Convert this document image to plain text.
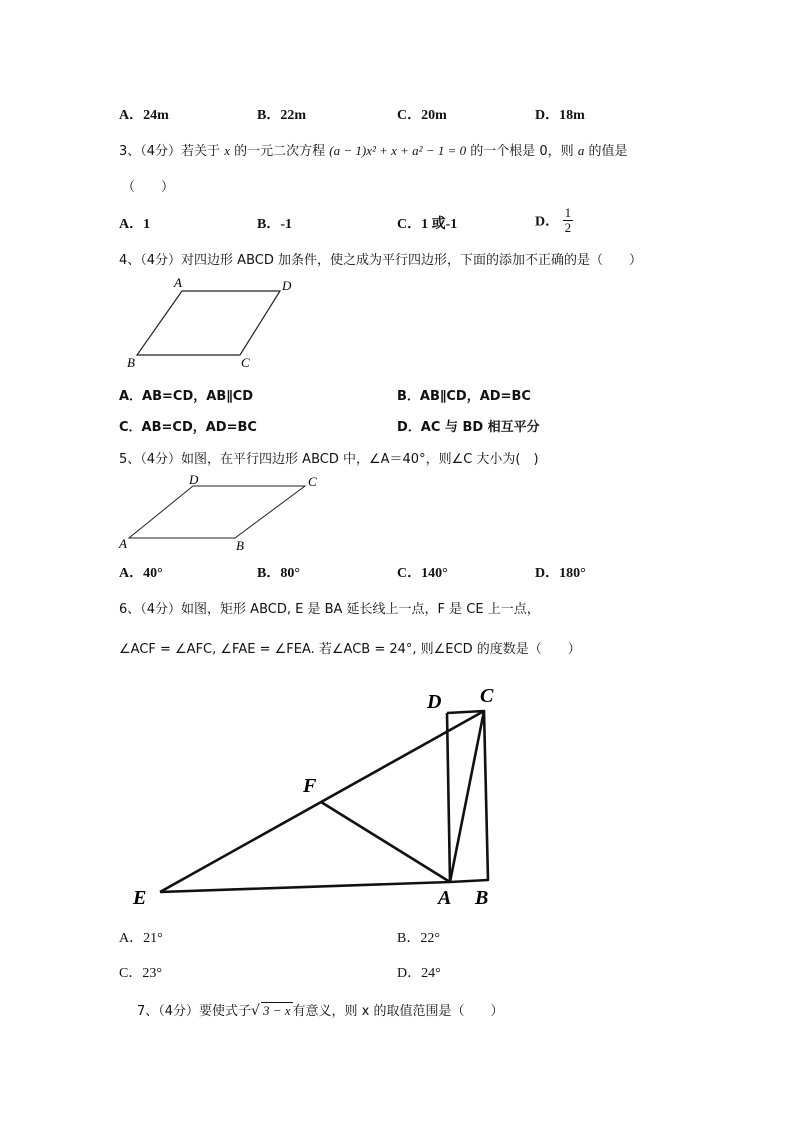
A．24m	B．22m	C．20m	D．18m
3、（4分）若关于 x 的一元二次方程 (a − 1)x² + x + a² − 1 = 0 的一个根是 0，则 a 的值是
（　　）
A．1	B．-1	C．1 或-1	D． $\frac{1}{2}$
4、（4分）对四边形 ABCD 加条件，使之成为平行四边形，下面的添加不正确的是（　　）
A	D
B	C
A．AB=CD，AB∥CD	B．AB∥CD，AD=BC
C．AB=CD，AD=BC	D．AC 与 BD 相互平分
5、（4分）如图，在平行四边形 ABCD 中，∠A＝40°，则∠C 大小为(　)
D	C
A	B
A．40°	B．80°	C．140°	D．180°
6、（4分）如图，矩形 ABCD, E 是 BA 延长线上一点，F 是 CE 上一点，
∠ACF = ∠AFC, ∠FAE = ∠FEA. 若∠ACB = 24°, 则∠ECD 的度数是（　　）
D C
F
E	A B
A．21°	B．22°
C．23°	D．24°
7、（4分）要使式子√ 3 − x 有意义，则 x 的取值范围是（　　）
